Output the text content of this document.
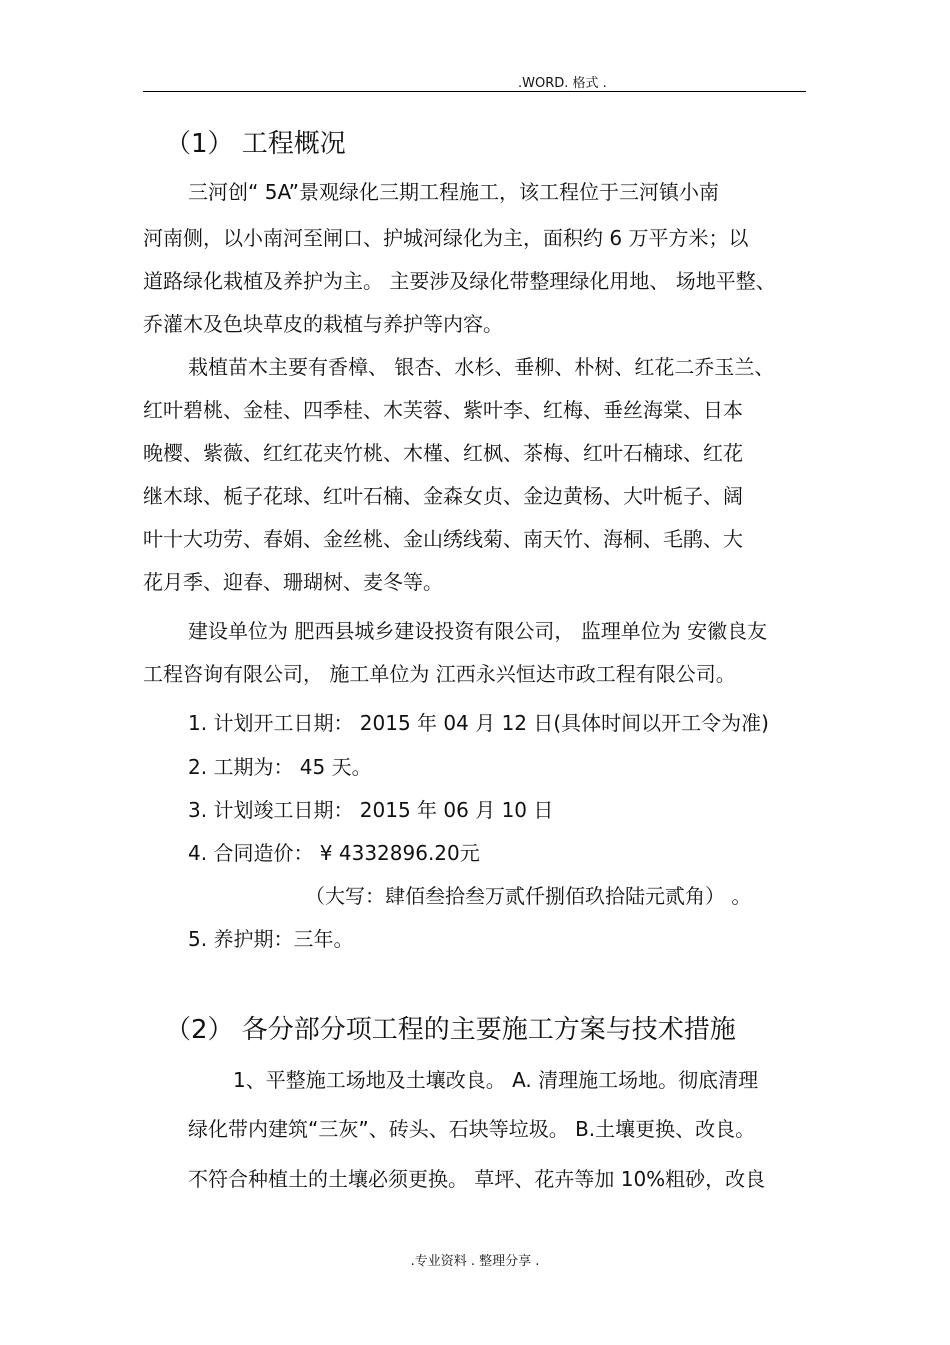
.WORD. 格式 .
（1） 工程概况
三河创“ 5A”景观绿化三期工程施工，该工程位于三河镇小南
河南侧，以小南河至闸口、护城河绿化为主，面积约 6 万平方米；以
道路绿化栽植及养护为主。 主要涉及绿化带整理绿化用地、 场地平整、
乔灌木及色块草皮的栽植与养护等内容。
栽植苗木主要有香樟、 银杏、水杉、垂柳、朴树、红花二乔玉兰、
红叶碧桃、金桂、四季桂、木芙蓉、紫叶李、红梅、垂丝海棠、日本
晚樱、紫薇、红红花夹竹桃、木槿、红枫、茶梅、红叶石楠球、红花
继木球、栀子花球、红叶石楠、金森女贞、金边黄杨、大叶栀子、阔
叶十大功劳、春娟、金丝桃、金山绣线菊、南天竹、海桐、毛鹃、大
花月季、迎春、珊瑚树、麦冬等。
建设单位为 肥西县城乡建设投资有限公司， 监理单位为 安徽良友
工程咨询有限公司， 施工单位为 江西永兴恒达市政工程有限公司。
1. 计划开工日期： 2015 年 04 月 12 日(具体时间以开工令为准)
2. 工期为： 45 天。
3. 计划竣工日期： 2015 年 06 月 10 日
4. 合同造价： ¥ 4332896.20元
（大写：肆佰叁拾叁万贰仟捌佰玖拾陆元贰角） 。
5. 养护期：三年。
（2） 各分部分项工程的主要施工方案与技术措施
1、平整施工场地及土壤改良。 A. 清理施工场地。彻底清理
绿化带内建筑“三灰”、砖头、石块等垃圾。 B.土壤更换、改良。
不符合种植土的土壤必须更换。 草坪、花卉等加 10%粗砂，改良
.专业资料 . 整理分享 .
